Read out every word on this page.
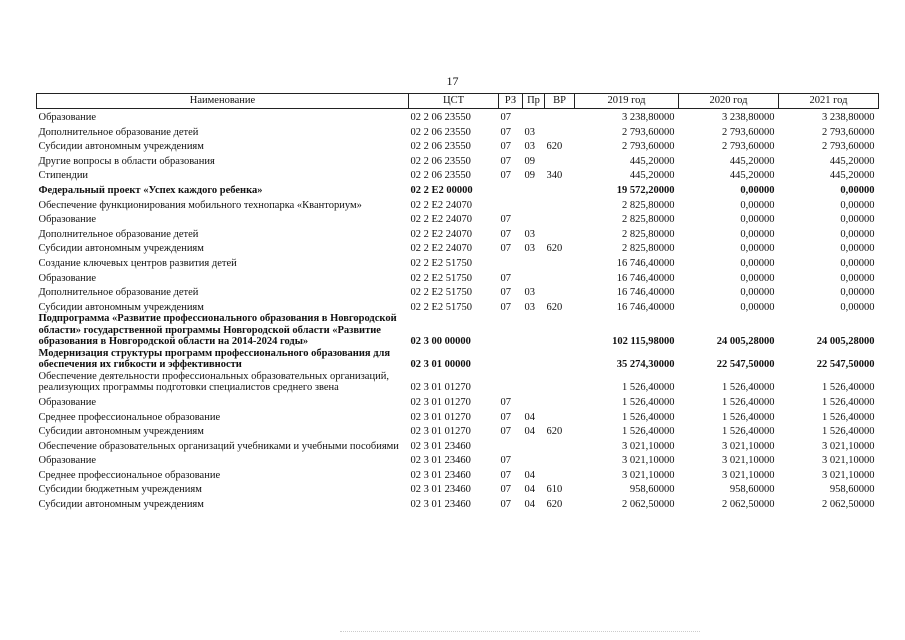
17
Наименование	ЦСТ	РЗ	Пр	ВР	2019 год	2020 год	2021 год
Образование	02 2 06 23550	07			3 238,80000	3 238,80000	3 238,80000
Дополнительное образование детей	02 2 06 23550	07	03		2 793,60000	2 793,60000	2 793,60000
Субсидии автономным учреждениям	02 2 06 23550	07	03	620	2 793,60000	2 793,60000	2 793,60000
Другие вопросы в области образования	02 2 06 23550	07	09		445,20000	445,20000	445,20000
Стипендии	02 2 06 23550	07	09	340	445,20000	445,20000	445,20000
Федеральный проект «Успех каждого ребенка»	02 2 E2 00000				19 572,20000	0,00000	0,00000
Обеспечение функционирования мобильного технопарка «Кванториум»	02 2 E2 24070				2 825,80000	0,00000	0,00000
Образование	02 2 E2 24070	07			2 825,80000	0,00000	0,00000
Дополнительное образование детей	02 2 E2 24070	07	03		2 825,80000	0,00000	0,00000
Субсидии автономным учреждениям	02 2 E2 24070	07	03	620	2 825,80000	0,00000	0,00000
Создание ключевых центров развития детей	02 2 E2 51750				16 746,40000	0,00000	0,00000
Образование	02 2 E2 51750	07			16 746,40000	0,00000	0,00000
Дополнительное образование детей	02 2 E2 51750	07	03		16 746,40000	0,00000	0,00000
Субсидии автономным учреждениям	02 2 E2 51750	07	03	620	16 746,40000	0,00000	0,00000
Подпрограмма «Развитие профессионального образования в Новгородской области» государственной программы Новгородской области «Развитие образования в Новгородской области на 2014-2024 годы»	02 3 00 00000				102 115,98000	24 005,28000	24 005,28000
Модернизация структуры программ профессионального образования для обеспечения их гибкости и эффективности	02 3 01 00000				35 274,30000	22 547,50000	22 547,50000
Обеспечение деятельности профессиональных образовательных организаций, реализующих программы подготовки специалистов среднего звена	02 3 01 01270				1 526,40000	1 526,40000	1 526,40000
Образование	02 3 01 01270	07			1 526,40000	1 526,40000	1 526,40000
Среднее профессиональное образование	02 3 01 01270	07	04		1 526,40000	1 526,40000	1 526,40000
Субсидии автономным учреждениям	02 3 01 01270	07	04	620	1 526,40000	1 526,40000	1 526,40000
Обеспечение образовательных организаций учебниками и учебными пособиями	02 3 01 23460				3 021,10000	3 021,10000	3 021,10000
Образование	02 3 01 23460	07			3 021,10000	3 021,10000	3 021,10000
Среднее профессиональное образование	02 3 01 23460	07	04		3 021,10000	3 021,10000	3 021,10000
Субсидии бюджетным учреждениям	02 3 01 23460	07	04	610	958,60000	958,60000	958,60000
Субсидии автономным учреждениям	02 3 01 23460	07	04	620	2 062,50000	2 062,50000	2 062,50000
